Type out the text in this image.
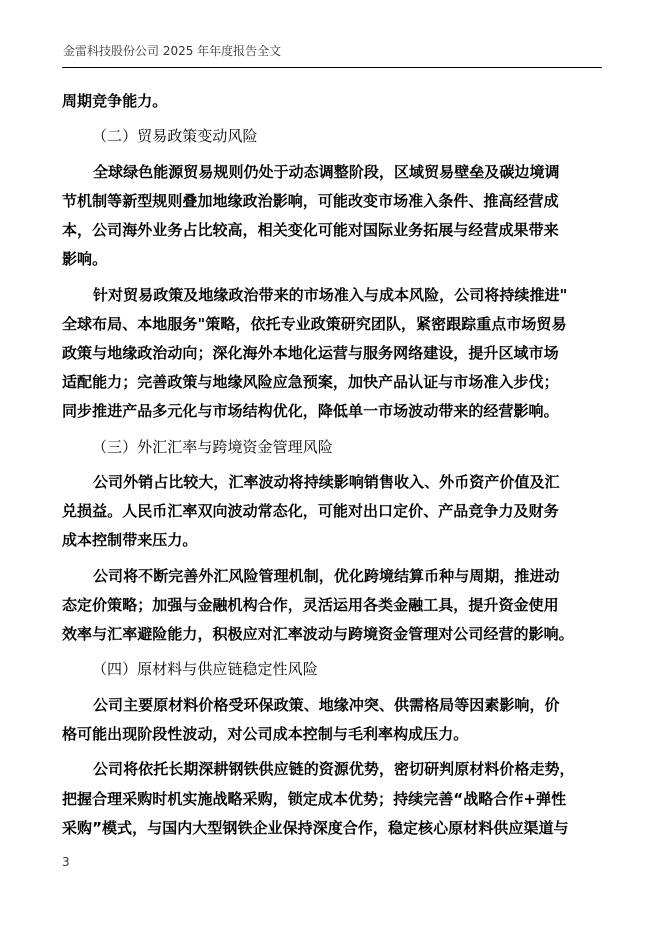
金雷科技股份公司 2025 年年度报告全文
周期竞争能力。
（二）贸易政策变动风险
全球绿色能源贸易规则仍处于动态调整阶段，区域贸易壁垒及碳边境调
节机制等新型规则叠加地缘政治影响，可能改变市场准入条件、推高经营成
本，公司海外业务占比较高，相关变化可能对国际业务拓展与经营成果带来
影响。
针对贸易政策及地缘政治带来的市场准入与成本风险，公司将持续推进"
全球布局、本地服务"策略，依托专业政策研究团队，紧密跟踪重点市场贸易
政策与地缘政治动向；深化海外本地化运营与服务网络建设，提升区域市场
适配能力；完善政策与地缘风险应急预案，加快产品认证与市场准入步伐；
同步推进产品多元化与市场结构优化，降低单一市场波动带来的经营影响。
（三）外汇汇率与跨境资金管理风险
公司外销占比较大，汇率波动将持续影响销售收入、外币资产价值及汇
兑损益。人民币汇率双向波动常态化，可能对出口定价、产品竞争力及财务
成本控制带来压力。
公司将不断完善外汇风险管理机制，优化跨境结算币种与周期，推进动
态定价策略；加强与金融机构合作，灵活运用各类金融工具，提升资金使用
效率与汇率避险能力，积极应对汇率波动与跨境资金管理对公司经营的影响。
（四）原材料与供应链稳定性风险
公司主要原材料价格受环保政策、地缘冲突、供需格局等因素影响，价
格可能出现阶段性波动，对公司成本控制与毛利率构成压力。
公司将依托长期深耕钢铁供应链的资源优势，密切研判原材料价格走势，
把握合理采购时机实施战略采购，锁定成本优势；持续完善“战略合作+弹性
采购”模式，与国内大型钢铁企业保持深度合作，稳定核心原材料供应渠道与
3
